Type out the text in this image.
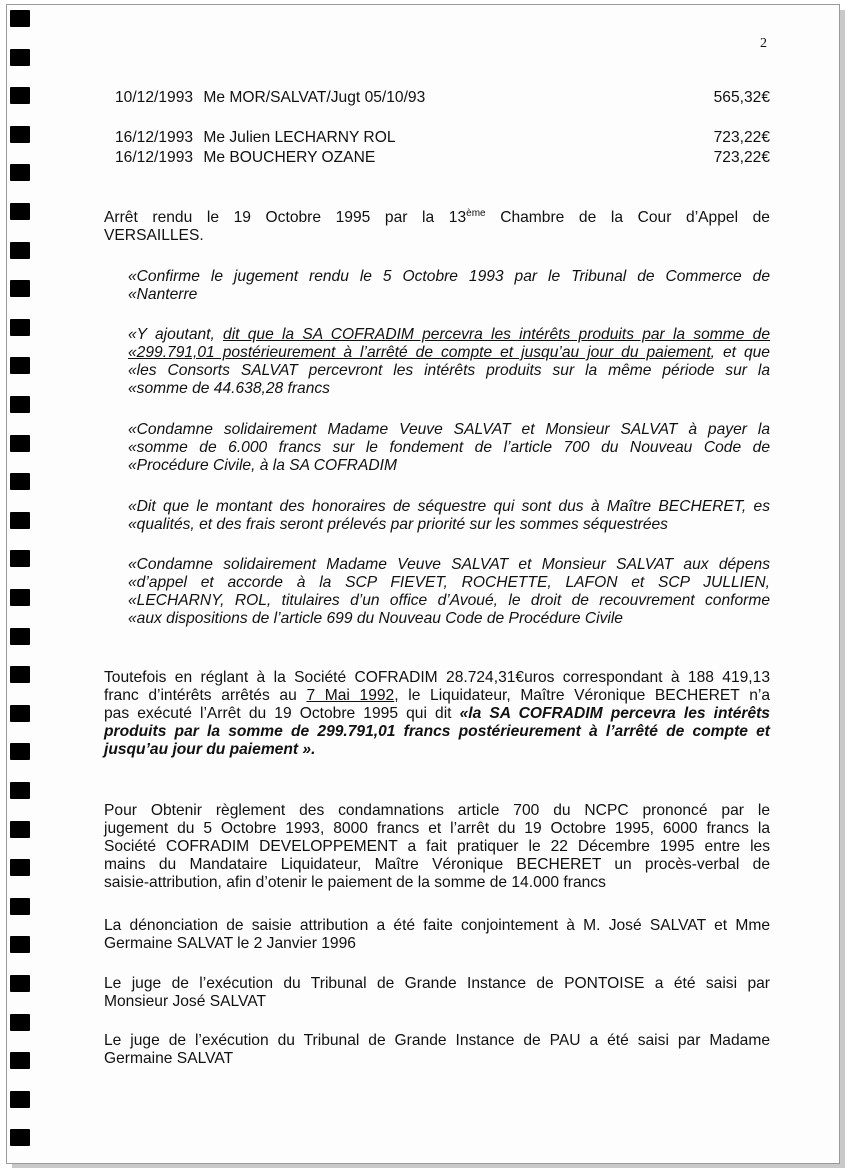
2
10/12/1993 Me MOR/SALVAT/Jugt 05/10/93	565,32€
16/12/1993 Me Julien LECHARNY ROL	723,22€
16/12/1993 Me BOUCHERY OZANE	723,22€
Arrêt rendu le 19 Octobre 1995 par la 13ème Chambre de la Cour d’Appel de
VERSAILLES.
«Confirme le jugement rendu le 5 Octobre 1993 par le Tribunal de Commerce de
«Nanterre
«Y ajoutant, dit que la SA COFRADIM percevra les intérêts produits par la somme de
«299.791,01 postérieurement à l’arrêté de compte et jusqu’au jour du paiement, et que
«les Consorts SALVAT percevront les intérêts produits sur la même période sur la
«somme de 44.638,28 francs
«Condamne solidairement Madame Veuve SALVAT et Monsieur SALVAT à payer la
«somme de 6.000 francs sur le fondement de l’article 700 du Nouveau Code de
«Procédure Civile, à la SA COFRADIM
«Dit que le montant des honoraires de séquestre qui sont dus à Maître BECHERET, es
«qualités, et des frais seront prélevés par priorité sur les sommes séquestrées
«Condamne solidairement Madame Veuve SALVAT et Monsieur SALVAT aux dépens
«d’appel et accorde à la SCP FIEVET, ROCHETTE, LAFON et SCP JULLIEN,
«LECHARNY, ROL, titulaires d’un office d’Avoué, le droit de recouvrement conforme
«aux dispositions de l’article 699 du Nouveau Code de Procédure Civile
Toutefois en réglant à la Société COFRADIM 28.724,31€uros correspondant à 188 419,13
franc d’intérêts arrêtés au 7 Mai 1992, le Liquidateur, Maître Véronique BECHERET n’a
pas exécuté l’Arrêt du 19 Octobre 1995 qui dit «la SA COFRADIM percevra les intérêts
produits par la somme de 299.791,01 francs postérieurement à l’arrêté de compte et
jusqu’au jour du paiement ».
Pour Obtenir règlement des condamnations article 700 du NCPC prononcé par le
jugement du 5 Octobre 1993, 8000 francs et l’arrêt du 19 Octobre 1995, 6000 francs la
Société COFRADIM DEVELOPPEMENT a fait pratiquer le 22 Décembre 1995 entre les
mains du Mandataire Liquidateur, Maître Véronique BECHERET un procès-verbal de
saisie-attribution, afin d’otenir le paiement de la somme de 14.000 francs
La dénonciation de saisie attribution a été faite conjointement à M. José SALVAT et Mme
Germaine SALVAT le 2 Janvier 1996
Le juge de l’exécution du Tribunal de Grande Instance de PONTOISE a été saisi par
Monsieur José SALVAT
Le juge de l’exécution du Tribunal de Grande Instance de PAU a été saisi par Madame
Germaine SALVAT
